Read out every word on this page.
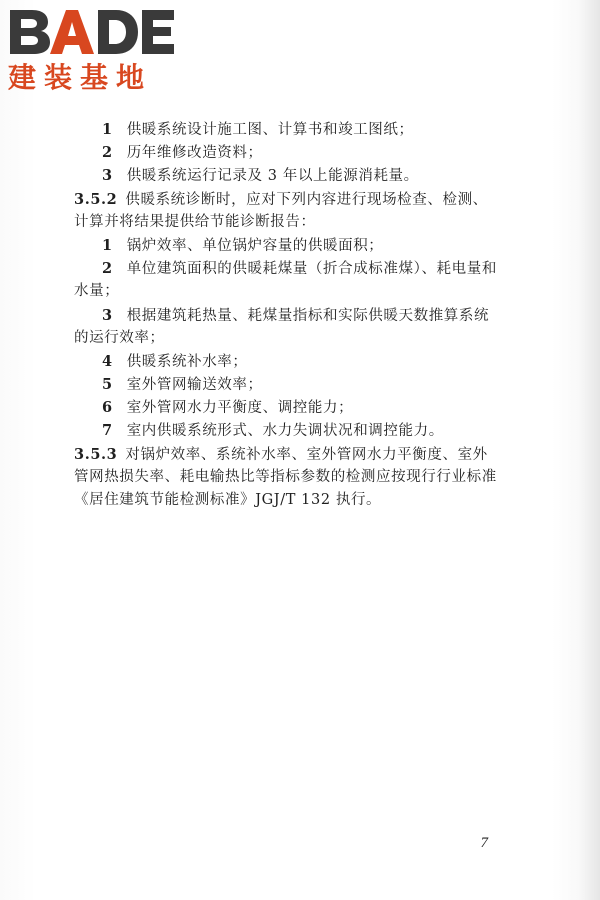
建装基地
1 供暖系统设计施工图、计算书和竣工图纸；
2 历年维修改造资料；
3 供暖系统运行记录及 3 年以上能源消耗量。
3.5.2 供暖系统诊断时，应对下列内容进行现场检查、检测、
计算并将结果提供给节能诊断报告：
1 锅炉效率、单位锅炉容量的供暖面积；
2 单位建筑面积的供暖耗煤量（折合成标准煤）、耗电量和
水量；
3 根据建筑耗热量、耗煤量指标和实际供暖天数推算系统
的运行效率；
4 供暖系统补水率；
5 室外管网输送效率；
6 室外管网水力平衡度、调控能力；
7 室内供暖系统形式、水力失调状况和调控能力。
3.5.3 对锅炉效率、系统补水率、室外管网水力平衡度、室外
管网热损失率、耗电输热比等指标参数的检测应按现行行业标准
《居住建筑节能检测标准》JGJ/T 132 执行。
7
